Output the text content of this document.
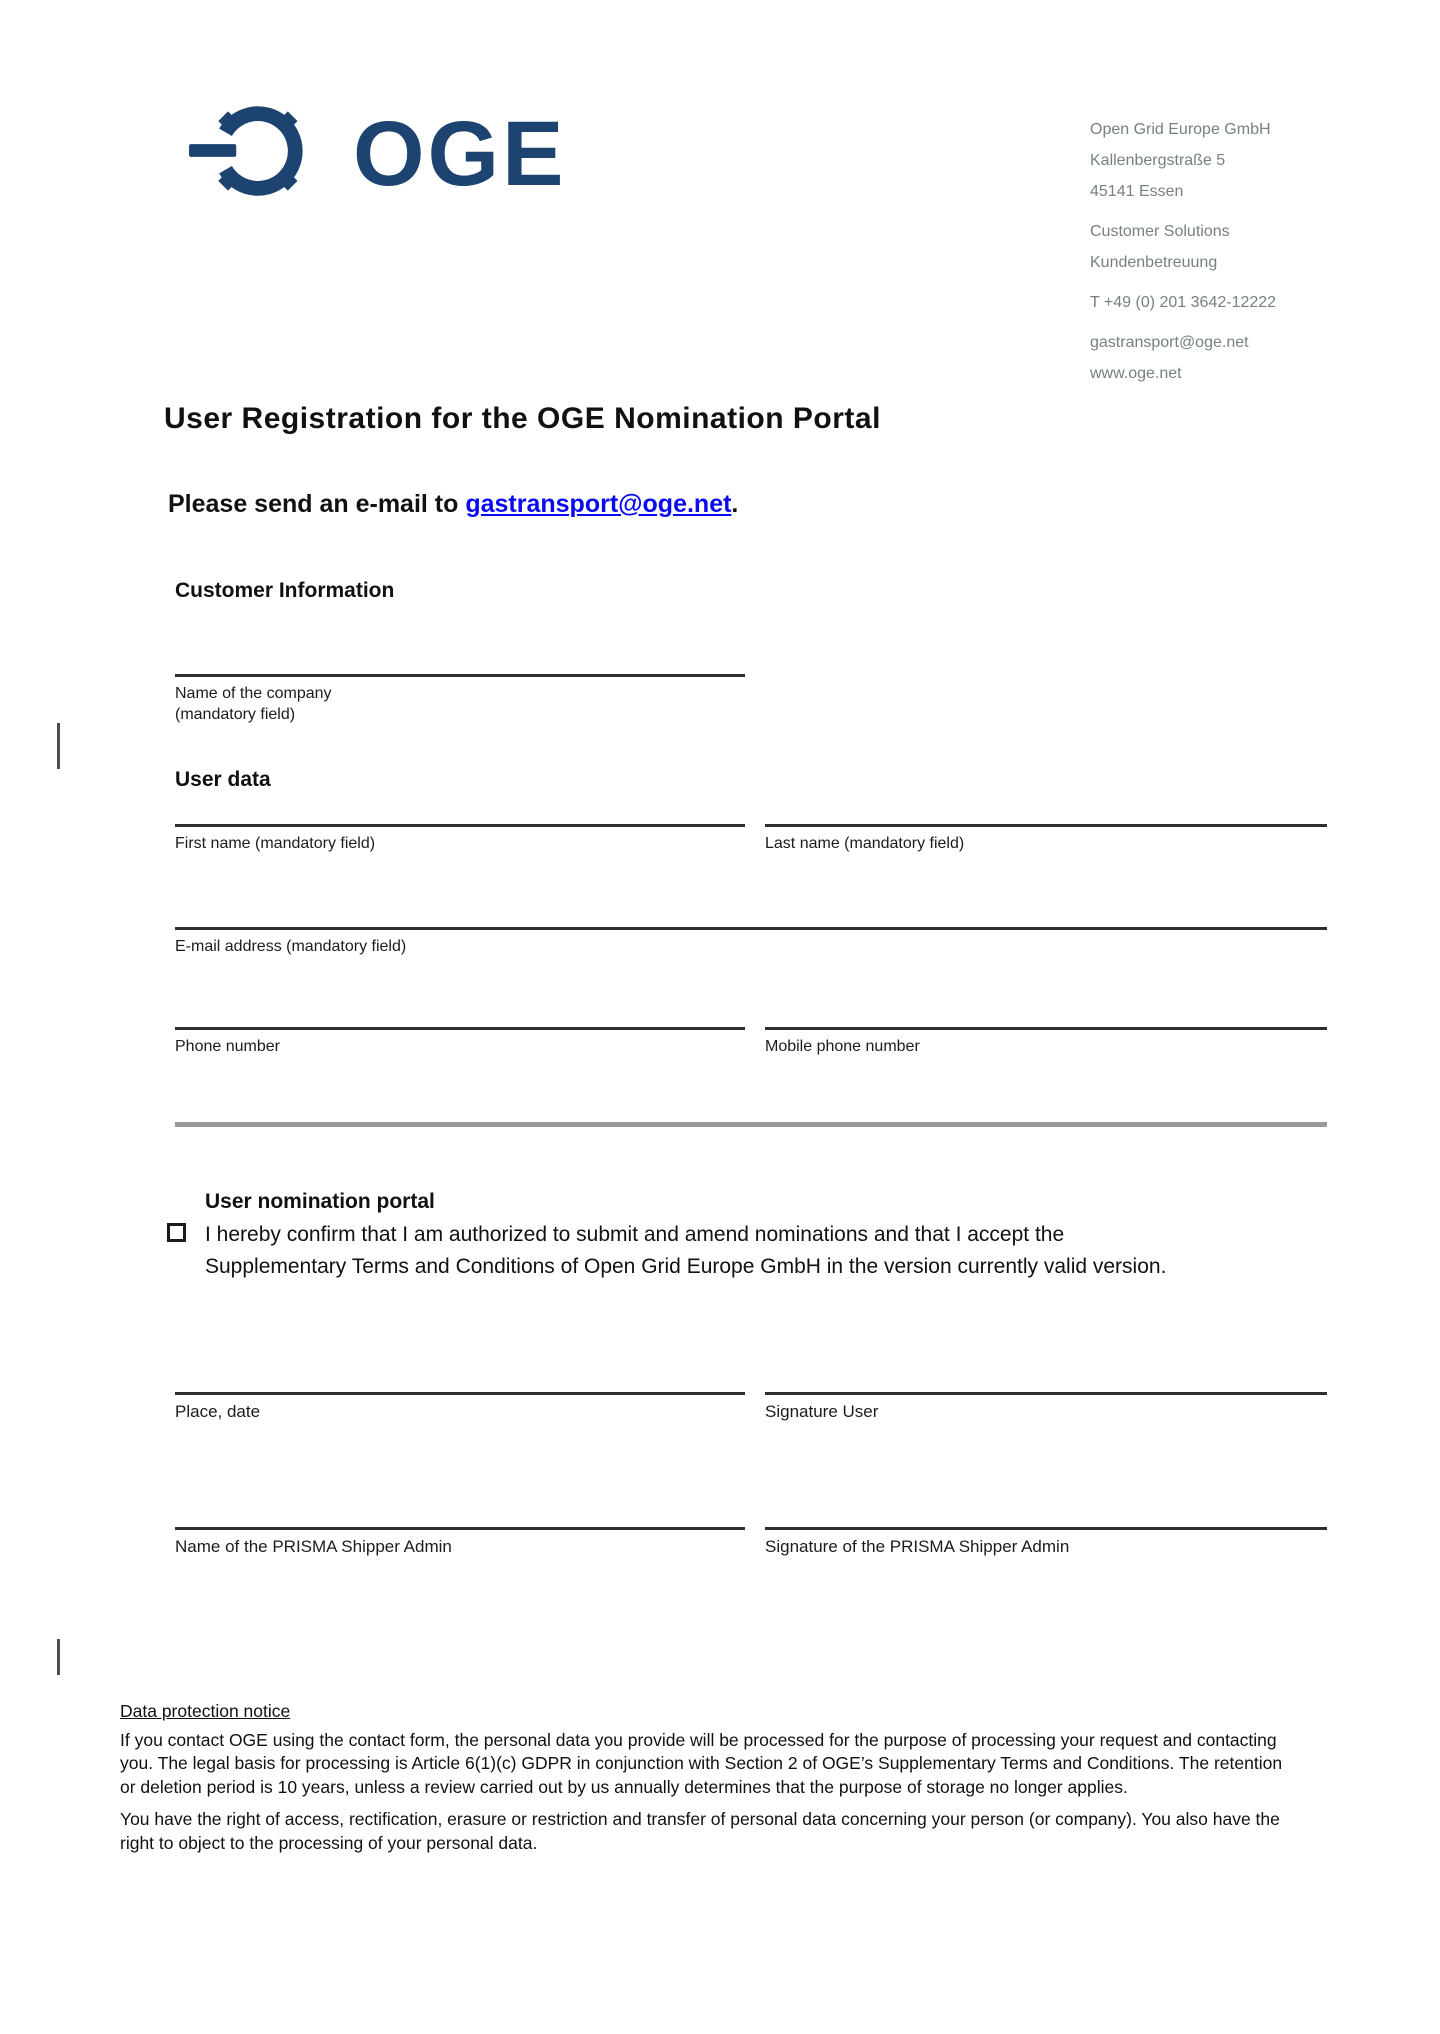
OGE	Open Grid Europe GmbH
Kallenbergstraße 5
45141 Essen
Customer Solutions
Kundenbetreuung
T +49 (0) 201 3642-12222
gastransport@oge.net
www.oge.net
User Registration for the OGE Nomination Portal
Please send an e-mail to gastransport@oge.net.
Customer Information
Name of the company
(mandatory field)
User data
First name (mandatory field)	Last name (mandatory field)
E-mail address (mandatory field)
Phone number	Mobile phone number
User nomination portal
I hereby confirm that I am authorized to submit and amend nominations and that I accept the
Supplementary Terms and Conditions of Open Grid Europe GmbH in the version currently valid version.
Place, date	Signature User
Name of the PRISMA Shipper Admin	Signature of the PRISMA Shipper Admin
Data protection notice

If you contact OGE using the contact form, the personal data you provide will be processed for the purpose of processing your request and contacting you. The legal basis for processing is Article 6(1)(c) GDPR in conjunction with Section 2 of OGE’s Supplementary Terms and Conditions. The retention or deletion period is 10 years, unless a review carried out by us annually determines that the purpose of storage no longer applies.

You have the right of access, rectification, erasure or restriction and transfer of personal data concerning your person (or company). You also have the right to object to the processing of your personal data.
